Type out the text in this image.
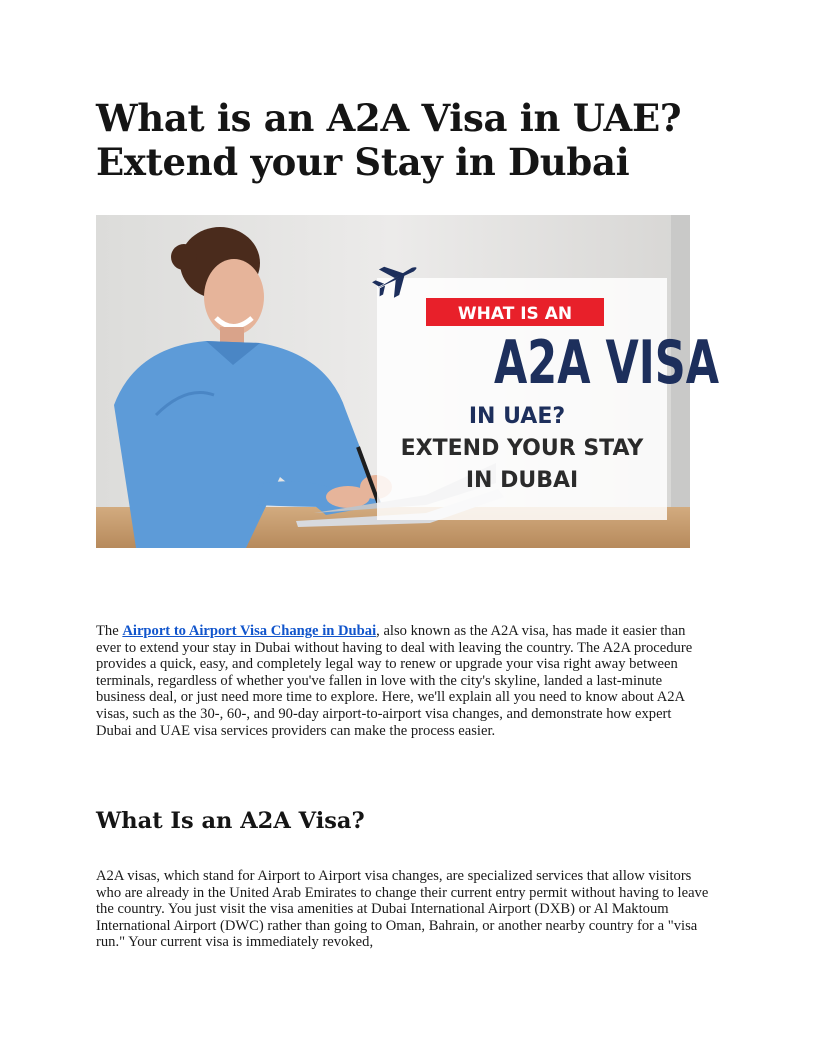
What is an A2A Visa in UAE?
Extend your Stay in Dubai
WHAT IS AN
A2A VISA
IN UAE?
EXTEND YOUR STAY
IN DUBAI

The Airport to Airport Visa Change in Dubai, also known as the A2A visa, has made it easier than ever to extend your stay in Dubai without having to deal with leaving the country. The A2A procedure provides a quick, easy, and completely legal way to renew or upgrade your visa right away between terminals, regardless of whether you've fallen in love with the city's skyline, landed a last-minute business deal, or just need more time to explore. Here, we'll explain all you need to know about A2A visas, such as the 30-, 60-, and 90-day airport-to-airport visa changes, and demonstrate how expert Dubai and UAE visa services providers can make the process easier.

What Is an A2A Visa?

A2A visas, which stand for Airport to Airport visa changes, are specialized services that allow visitors who are already in the United Arab Emirates to change their current entry permit without having to leave the country. You just visit the visa amenities at Dubai International Airport (DXB) or Al Maktoum International Airport (DWC) rather than going to Oman, Bahrain, or another nearby country for a "visa run." Your current visa is immediately revoked,
